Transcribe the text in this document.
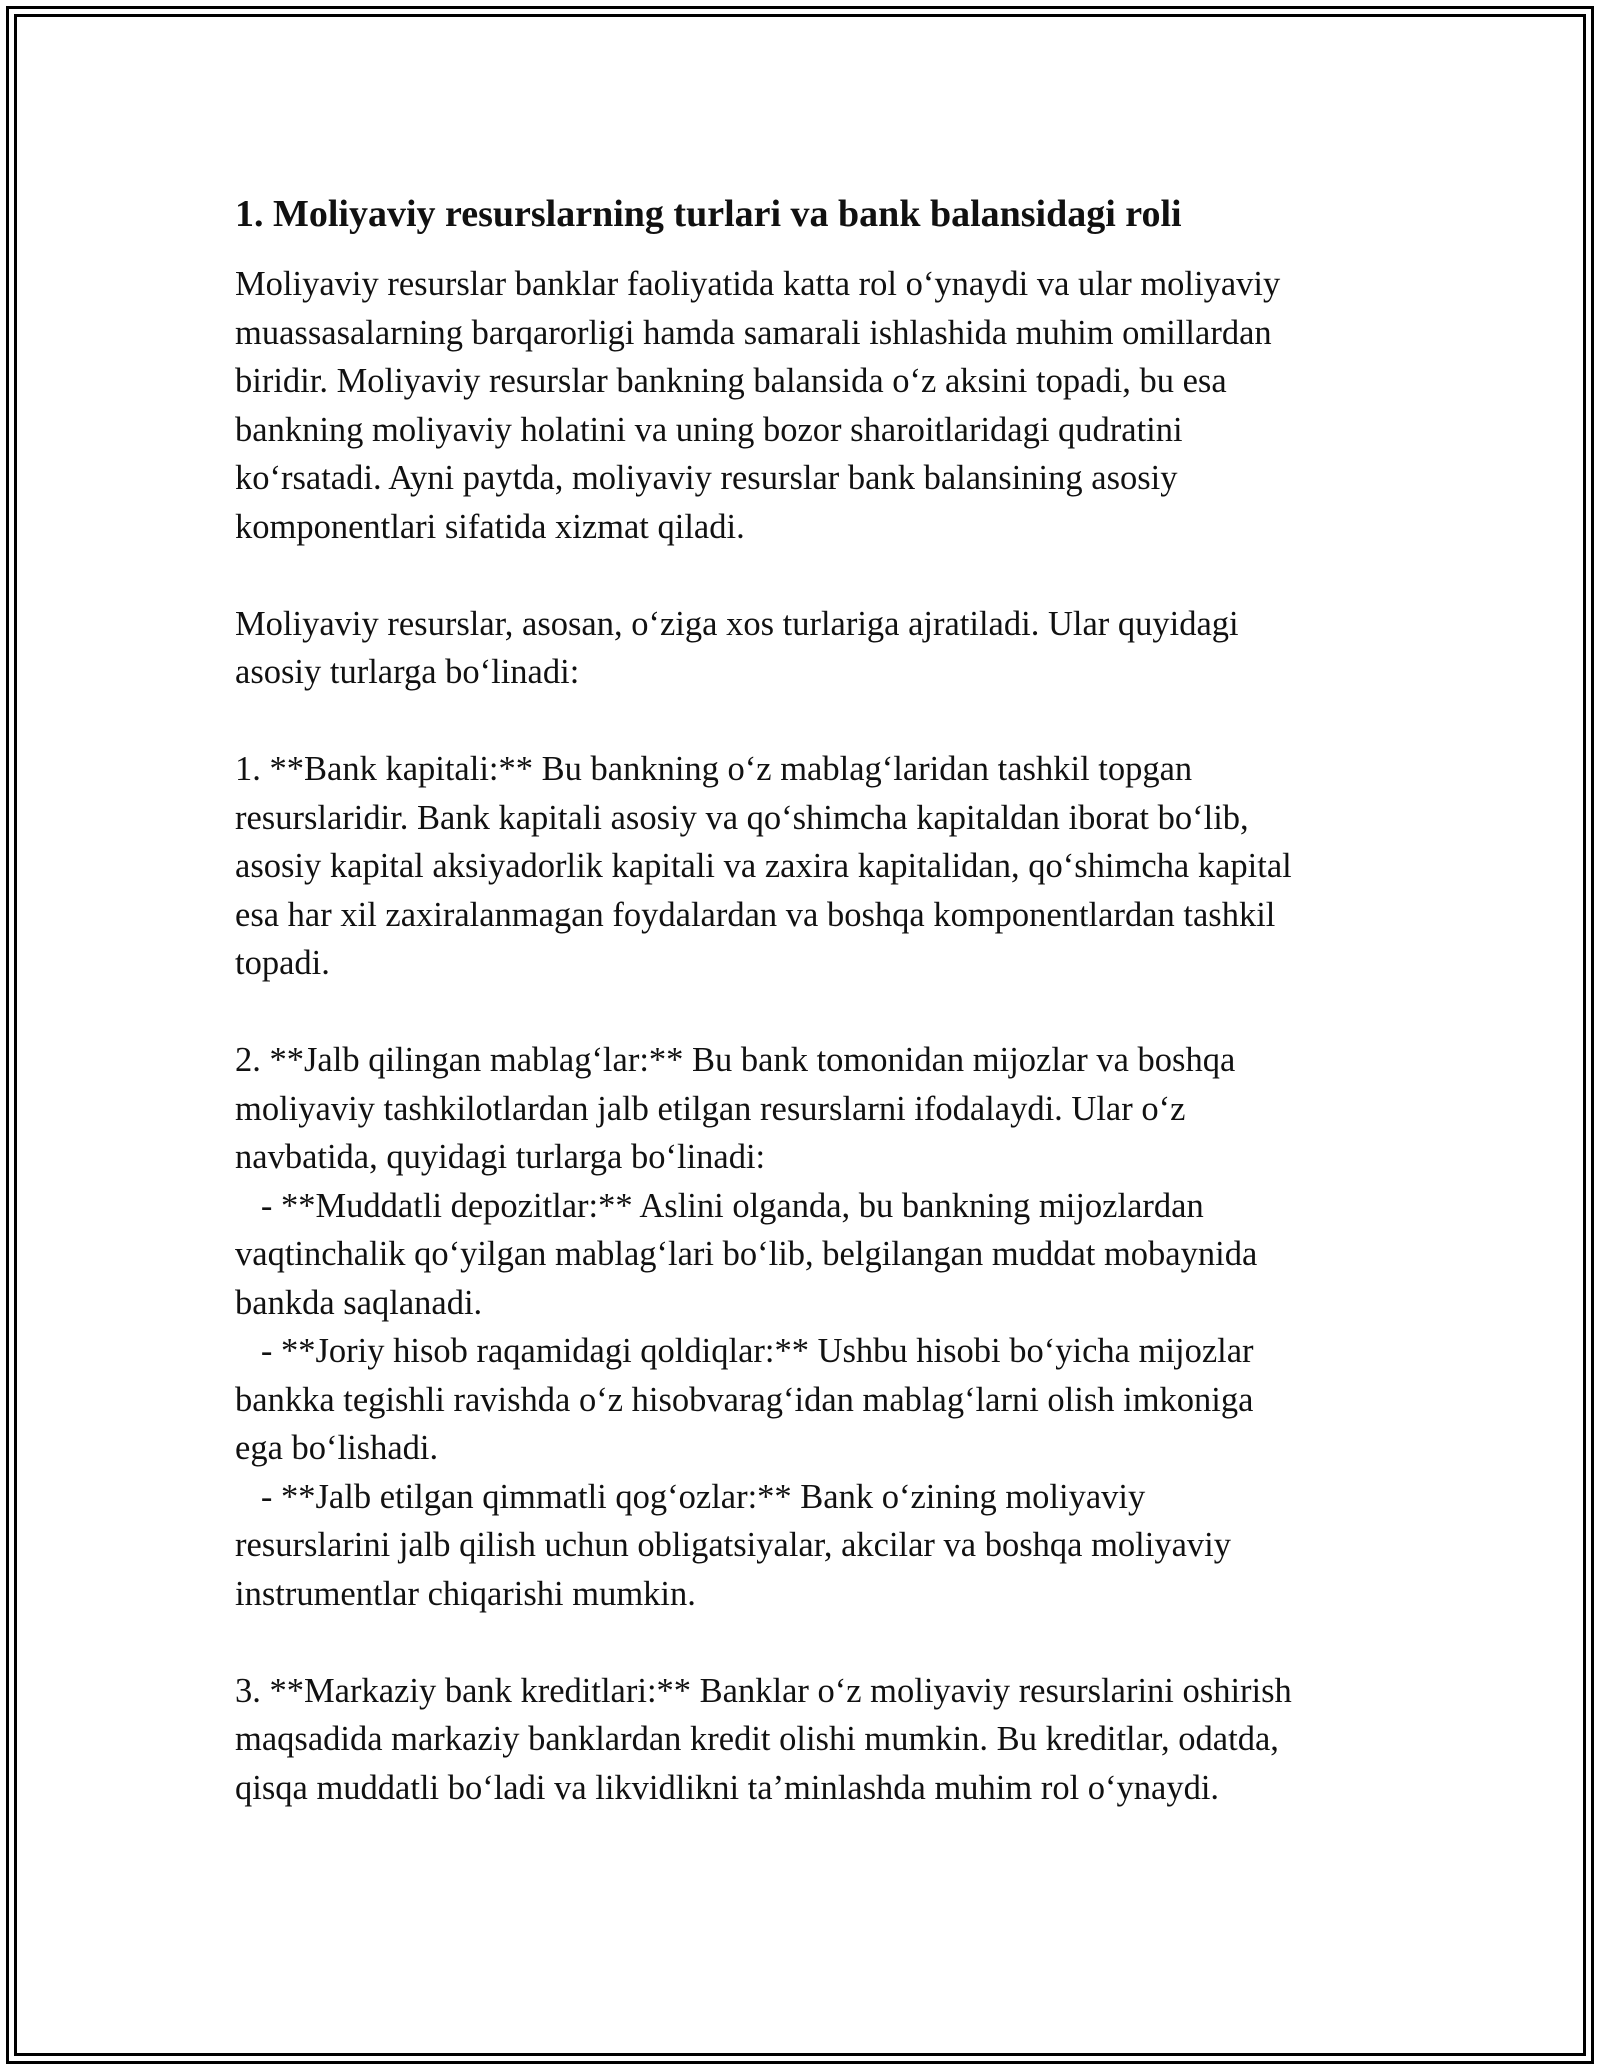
1. Moliyaviy resurslarning turlari va bank balansidagi roli

Moliyaviy resurslar banklar faoliyatida katta rol o‘ynaydi va ular moliyaviy
muassasalarning barqarorligi hamda samarali ishlashida muhim omillardan
biridir. Moliyaviy resurslar bankning balansida o‘z aksini topadi, bu esa
bankning moliyaviy holatini va uning bozor sharoitlaridagi qudratini
ko‘rsatadi. Ayni paytda, moliyaviy resurslar bank balansining asosiy
komponentlari sifatida xizmat qiladi.

Moliyaviy resurslar, asosan, o‘ziga xos turlariga ajratiladi. Ular quyidagi
asosiy turlarga bo‘linadi:

1. **Bank kapitali:** Bu bankning o‘z mablag‘laridan tashkil topgan
resurslaridir. Bank kapitali asosiy va qo‘shimcha kapitaldan iborat bo‘lib,
asosiy kapital aksiyadorlik kapitali va zaxira kapitalidan, qo‘shimcha kapital
esa har xil zaxiralanmagan foydalardan va boshqa komponentlardan tashkil
topadi.

2. **Jalb qilingan mablag‘lar:** Bu bank tomonidan mijozlar va boshqa
moliyaviy tashkilotlardan jalb etilgan resurslarni ifodalaydi. Ular o‘z
navbatida, quyidagi turlarga bo‘linadi:
- **Muddatli depozitlar:** Aslini olganda, bu bankning mijozlardan
vaqtinchalik qo‘yilgan mablag‘lari bo‘lib, belgilangan muddat mobaynida
bankda saqlanadi.
- **Joriy hisob raqamidagi qoldiqlar:** Ushbu hisobi bo‘yicha mijozlar
bankka tegishli ravishda o‘z hisobvarag‘idan mablag‘larni olish imkoniga
ega bo‘lishadi.
- **Jalb etilgan qimmatli qog‘ozlar:** Bank o‘zining moliyaviy
resurslarini jalb qilish uchun obligatsiyalar, akcilar va boshqa moliyaviy
instrumentlar chiqarishi mumkin.

3. **Markaziy bank kreditlari:** Banklar o‘z moliyaviy resurslarini oshirish
maqsadida markaziy banklardan kredit olishi mumkin. Bu kreditlar, odatda,
qisqa muddatli bo‘ladi va likvidlikni ta’minlashda muhim rol o‘ynaydi.
